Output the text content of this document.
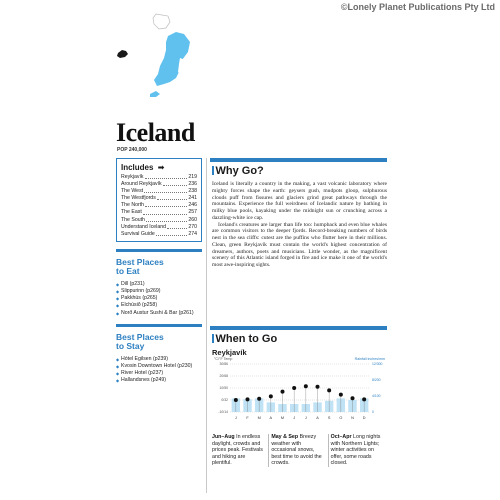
©Lonely Planet Publications Pty Ltd
Iceland
POP 240,000
Includes ➡
Reykjavík	219
Around Reykjavík	236
The West	238
The Westfjords	241
The North	246
The East	257
The South	260
Understand Iceland	270
Survival Guide	274
Best Places
to Eat
◆ Dill (p231)
◆ Slippurinn (p269)
◆ Pakkhús (p265)
◆ Elchúsið (p258)
◆ Norð Austur Sushi & Bar (p261)
Best Places
to Stay
◆ Hótel Egilsen (p239)
◆ Kvosin Downtown Hotel (p230)
◆ River Hotel (p237)
◆ Hallandsnes (p249)
Why Go?

Iceland is literally a country in the making, a vast volcanic laboratory where mighty forces shape the earth: geysers gush, mudpots gloop, sulphurous clouds puff from fissures and glaciers grind great pathways through the mountains. Experience the full weirdness of Icelandic nature by bathing in milky blue pools, kayaking under the midnight sun or crunching across a dazzling-white ice cap.

Iceland's creatures are larger than life too: humpback and even blue whales are common visitors to the deeper fjords. Record-breaking numbers of birds nest in the sea cliffs: cutest are the puffins who flutter here in their millions. Clean, green Reykjavík must contain the world's highest concentration of dreamers, authors, poets and musicians. Little wonder, as the magnificent scenery of this Atlantic island forged in fire and ice make it one of the world's most awe-inspiring sights.

When to Go
Reykjavík
°C/°F Temp	Rainfall inches/mm
30/86
20/68
10/50
0/32
-10/14
12/300
8/200
4/100
0
J	F M A M J	J A S O N D
Jun–Aug In endless daylight, crowds and prices peak. Festivals and hiking are plentiful.
May & Sep Breezy weather with occasional snows, best time to avoid the crowds.
Oct–Apr Long nights with Northern Lights; winter activities on offer, some roads closed.
